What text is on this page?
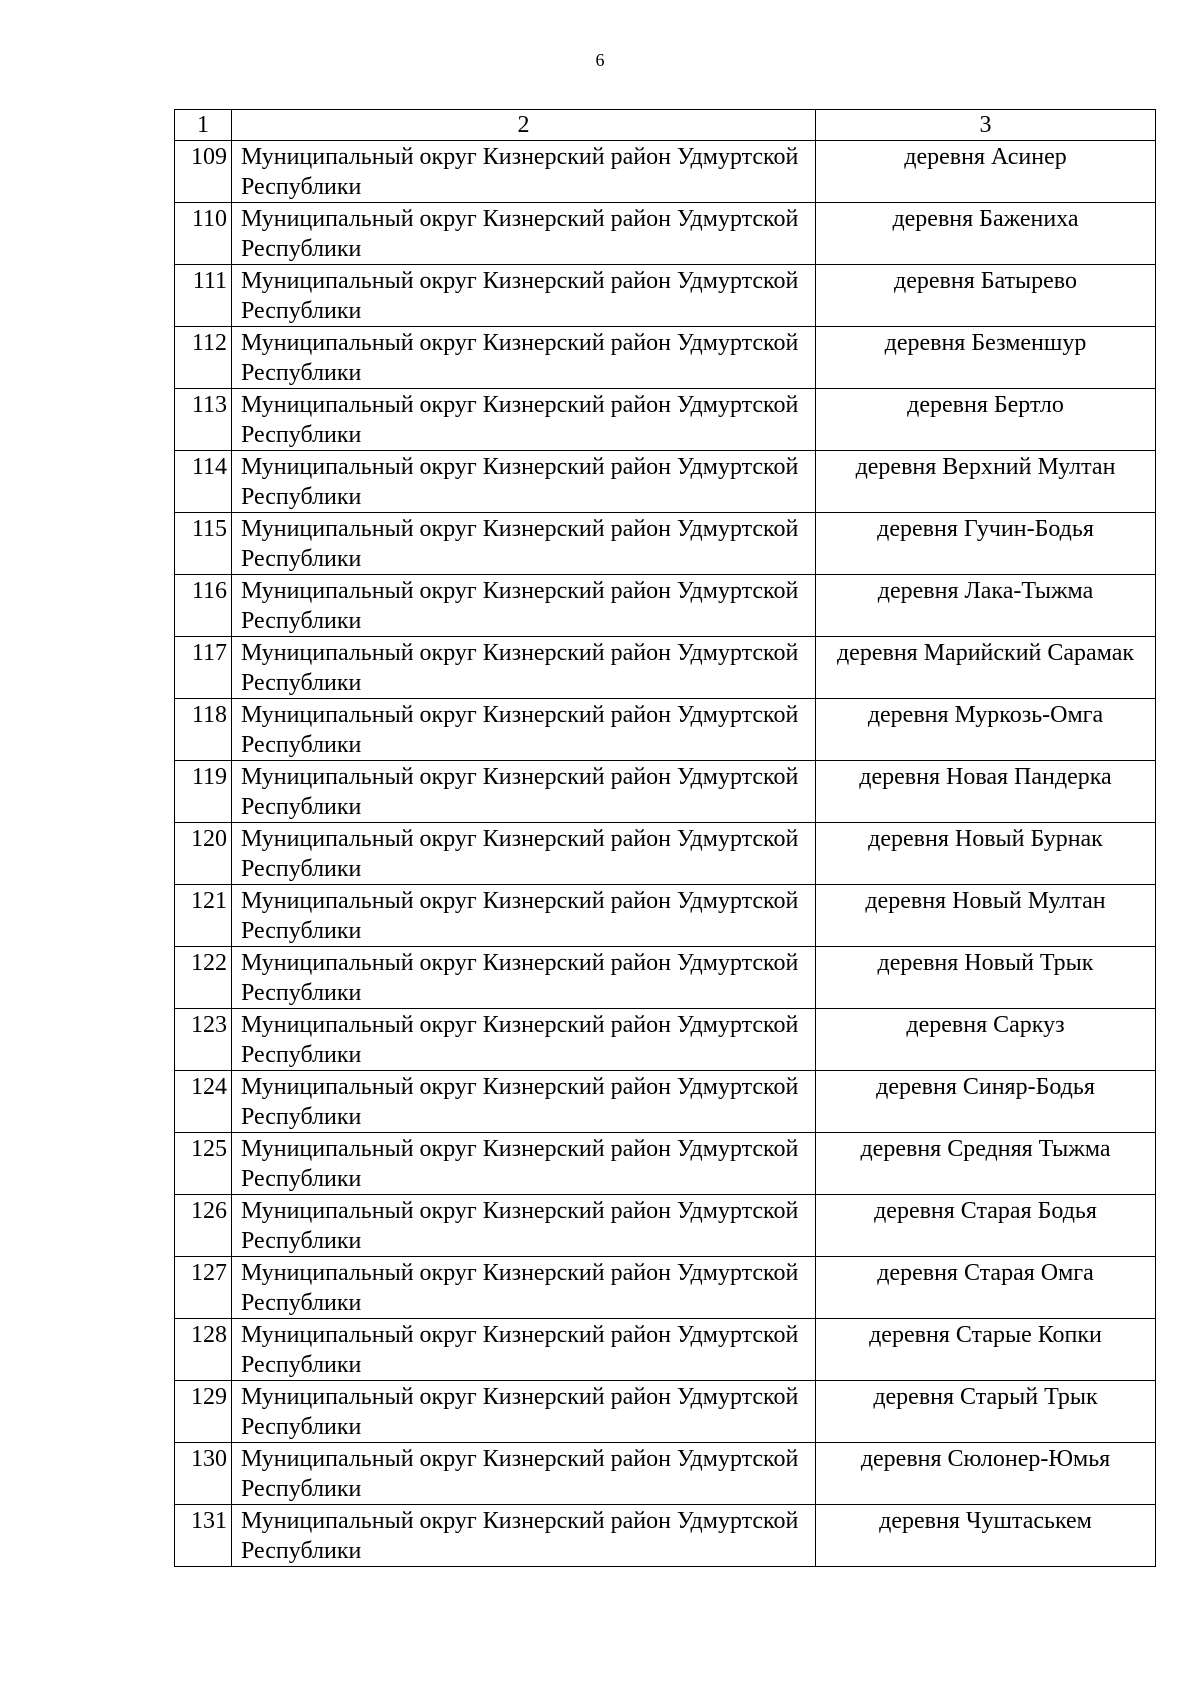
6
1	2	3

109	Муниципальный округ Кизнерский район Удмуртской Республики	деревня Асинер

110	Муниципальный округ Кизнерский район Удмуртской Республики	деревня Бажениха

111	Муниципальный округ Кизнерский район Удмуртской Республики	деревня Батырево

112	Муниципальный округ Кизнерский район Удмуртской Республики	деревня Безменшур

113	Муниципальный округ Кизнерский район Удмуртской Республики	деревня Бертло

114	Муниципальный округ Кизнерский район Удмуртской Республики	деревня Верхний Мултан

115	Муниципальный округ Кизнерский район Удмуртской Республики	деревня Гучин-Бодья

116	Муниципальный округ Кизнерский район Удмуртской Республики	деревня Лака-Тыжма

117	Муниципальный округ Кизнерский район Удмуртской Республики	деревня Марийский Сарамак

118	Муниципальный округ Кизнерский район Удмуртской Республики	деревня Муркозь-Омга

119	Муниципальный округ Кизнерский район Удмуртской Республики	деревня Новая Пандерка

120	Муниципальный округ Кизнерский район Удмуртской Республики	деревня Новый Бурнак

121	Муниципальный округ Кизнерский район Удмуртской Республики	деревня Новый Мултан

122	Муниципальный округ Кизнерский район Удмуртской Республики	деревня Новый Трык

123	Муниципальный округ Кизнерский район Удмуртской Республики	деревня Саркуз

124	Муниципальный округ Кизнерский район Удмуртской Республики	деревня Синяр-Бодья

125	Муниципальный округ Кизнерский район Удмуртской Республики	деревня Средняя Тыжма

126	Муниципальный округ Кизнерский район Удмуртской Республики	деревня Старая Бодья

127	Муниципальный округ Кизнерский район Удмуртской Республики	деревня Старая Омга

128	Муниципальный округ Кизнерский район Удмуртской Республики	деревня Старые Копки

129	Муниципальный округ Кизнерский район Удмуртской Республики	деревня Старый Трык

130	Муниципальный округ Кизнерский район Удмуртской Республики	деревня Сюлонер-Юмья

131	Муниципальный округ Кизнерский район Удмуртской Республики	деревня Чуштаськем
